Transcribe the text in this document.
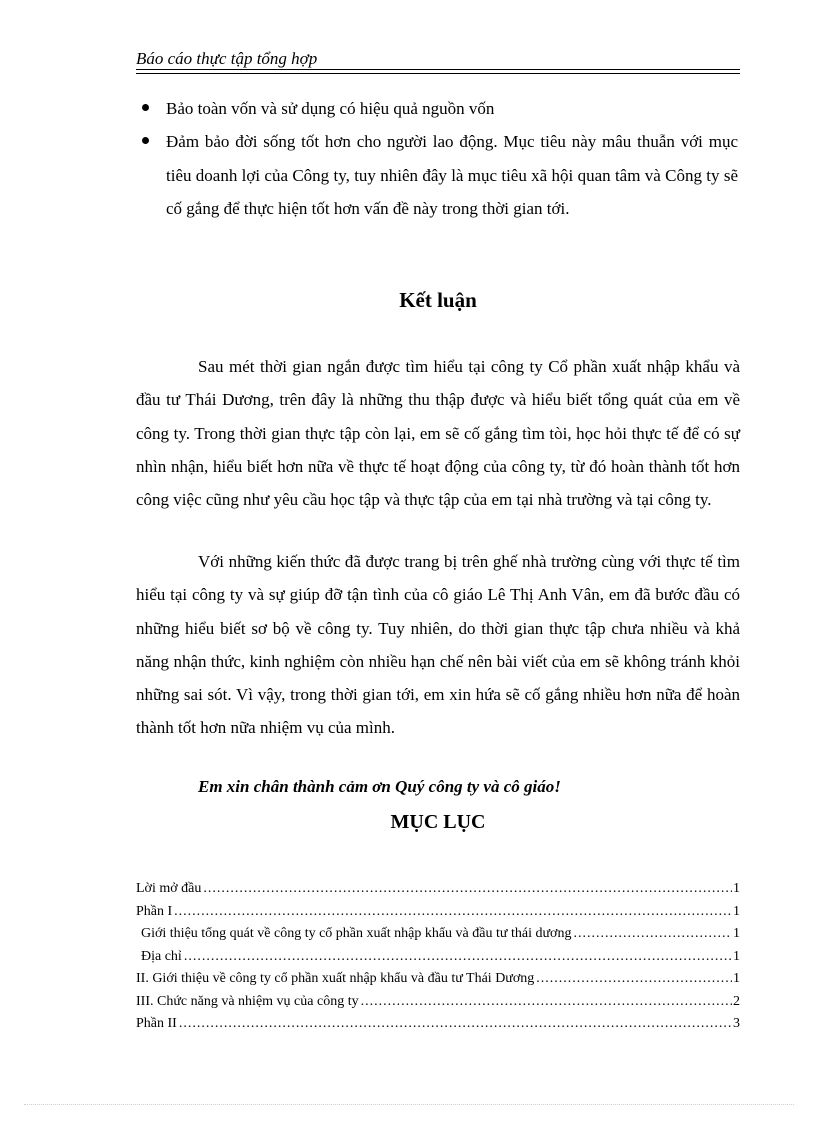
Báo cáo thực tập tổng hợp
Bảo toàn vốn và sử dụng có hiệu quả nguồn vốn
Đảm bảo đời sống tốt hơn cho người lao động. Mục tiêu này mâu thuẫn với mục tiêu doanh lợi của Công ty, tuy nhiên đây là mục tiêu xã hội quan tâm và Công ty sẽ cố gắng để thực hiện tốt hơn vấn đề này trong thời gian tới.
Kết luận

Sau mét thời gian ngắn được tìm hiểu tại công ty Cổ phần xuất nhập khẩu và đầu tư Thái Dương, trên đây là những thu thập được và hiểu biết tổng quát của em về công ty. Trong thời gian thực tập còn lại, em sẽ cố gắng tìm tòi, học hỏi thực tế để có sự nhìn nhận, hiểu biết hơn nữa về thực tế hoạt động của công ty, từ đó hoàn thành tốt hơn công việc cũng như yêu cầu học tập và thực tập của em tại nhà trường và tại công ty.

Với những kiến thức đã được trang bị trên ghế nhà trường cùng với thực tế tìm hiểu tại công ty và sự giúp đỡ tận tình của cô giáo Lê Thị Anh Vân, em đã bước đầu có những hiểu biết sơ bộ về công ty. Tuy nhiên, do thời gian thực tập chưa nhiều và khả năng nhận thức, kinh nghiệm còn nhiều hạn chế nên bài viết của em sẽ không tránh khỏi những sai sót. Vì vậy, trong thời gian tới, em xin hứa sẽ cố gắng nhiều hơn nữa để hoàn thành tốt hơn nữa nhiệm vụ của mình.

Em xin chân thành cảm ơn Quý công ty và cô giáo!
MỤC LỤC
Lời mở đầu .....	1
Phần I .....	1
Giới thiệu tổng quát về công ty cổ phần xuất nhập khẩu và đầu tư thái dương .....	1
Địa chỉ .....	1
II. Giới thiệu về công ty cổ phần xuất nhập khẩu và đầu tư Thái Dương .....	1
III. Chức năng và nhiệm vụ của công ty .....	2
Phần II .....	3
